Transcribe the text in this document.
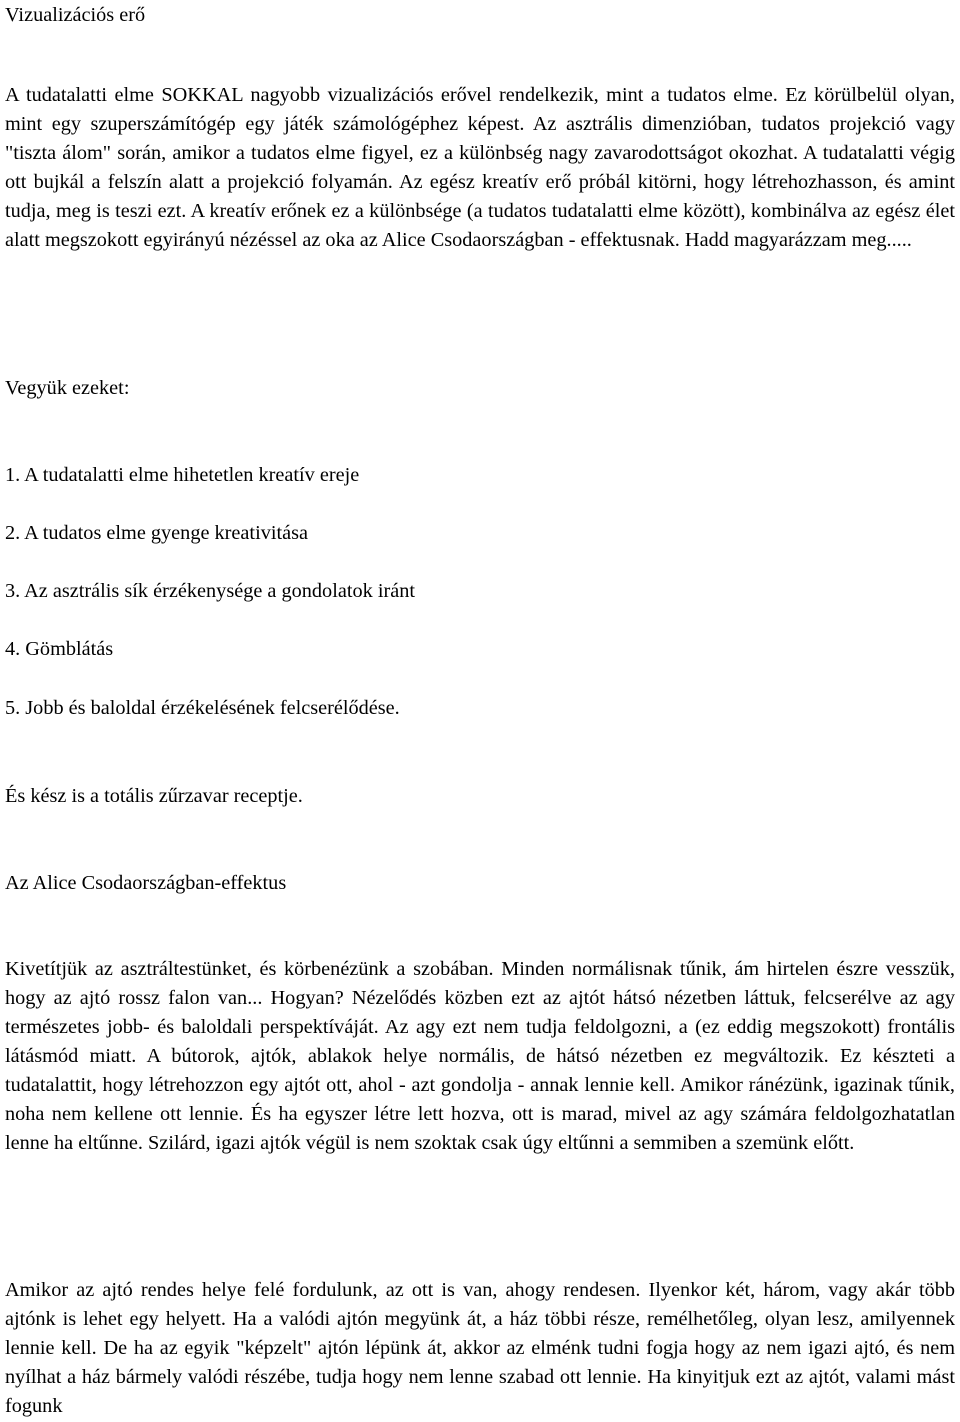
Vizualizációs erő

A tudatalatti elme SOKKAL nagyobb vizualizációs erővel rendelkezik, mint a tudatos elme. Ez körülbelül olyan, mint egy szuperszámítógép egy játék számológéphez képest. Az asztrális dimenzióban, tudatos projekció vagy "tiszta álom" során, amikor a tudatos elme figyel, ez a különbség nagy zavarodottságot okozhat. A tudatalatti végig ott bujkál a felszín alatt a projekció folyamán. Az egész kreatív erő próbál kitörni, hogy létrehozhasson, és amint tudja, meg is teszi ezt. A kreatív erőnek ez a különbsége (a tudatos tudatalatti elme között), kombinálva az egész élet alatt megszokott egyirányú nézéssel az oka az Alice Csodaországban - effektusnak. Hadd magyarázzam meg.....

Vegyük ezeket:

1. A tudatalatti elme hihetetlen kreatív ereje

2. A tudatos elme gyenge kreativitása

3. Az asztrális sík érzékenysége a gondolatok iránt

4. Gömblátás

5. Jobb és baloldal érzékelésének felcserélődése.

És kész is a totális zűrzavar receptje.

Az Alice Csodaországban-effektus

Kivetítjük az asztráltestünket, és körbenézünk a szobában. Minden normálisnak tűnik, ám hirtelen észre vesszük, hogy az ajtó rossz falon van... Hogyan? Nézelődés közben ezt az ajtót hátsó nézetben láttuk, felcserélve az agy természetes jobb- és baloldali perspektíváját. Az agy ezt nem tudja feldolgozni, a (ez eddig megszokott) frontális látásmód miatt. A bútorok, ajtók, ablakok helye normális, de hátsó nézetben ez megváltozik. Ez készteti a tudatalattit, hogy létrehozzon egy ajtót ott, ahol - azt gondolja - annak lennie kell. Amikor ránézünk, igazinak tűnik, noha nem kellene ott lennie. És ha egyszer létre lett hozva, ott is marad, mivel az agy számára feldolgozhatatlan lenne ha eltűnne. Szilárd, igazi ajtók végül is nem szoktak csak úgy eltűnni a semmiben a szemünk előtt.

Amikor az ajtó rendes helye felé fordulunk, az ott is van, ahogy rendesen. Ilyenkor két, három, vagy akár több ajtónk is lehet egy helyett. Ha a valódi ajtón megyünk át, a ház többi része, remélhetőleg, olyan lesz, amilyennek lennie kell. De ha az egyik "képzelt" ajtón lépünk át, akkor az elménk tudni fogja hogy az nem igazi ajtó, és nem nyílhat a ház bármely valódi részébe, tudja hogy nem lenne szabad ott lennie. Ha kinyitjuk ezt az ajtót, valami mást fogunk
